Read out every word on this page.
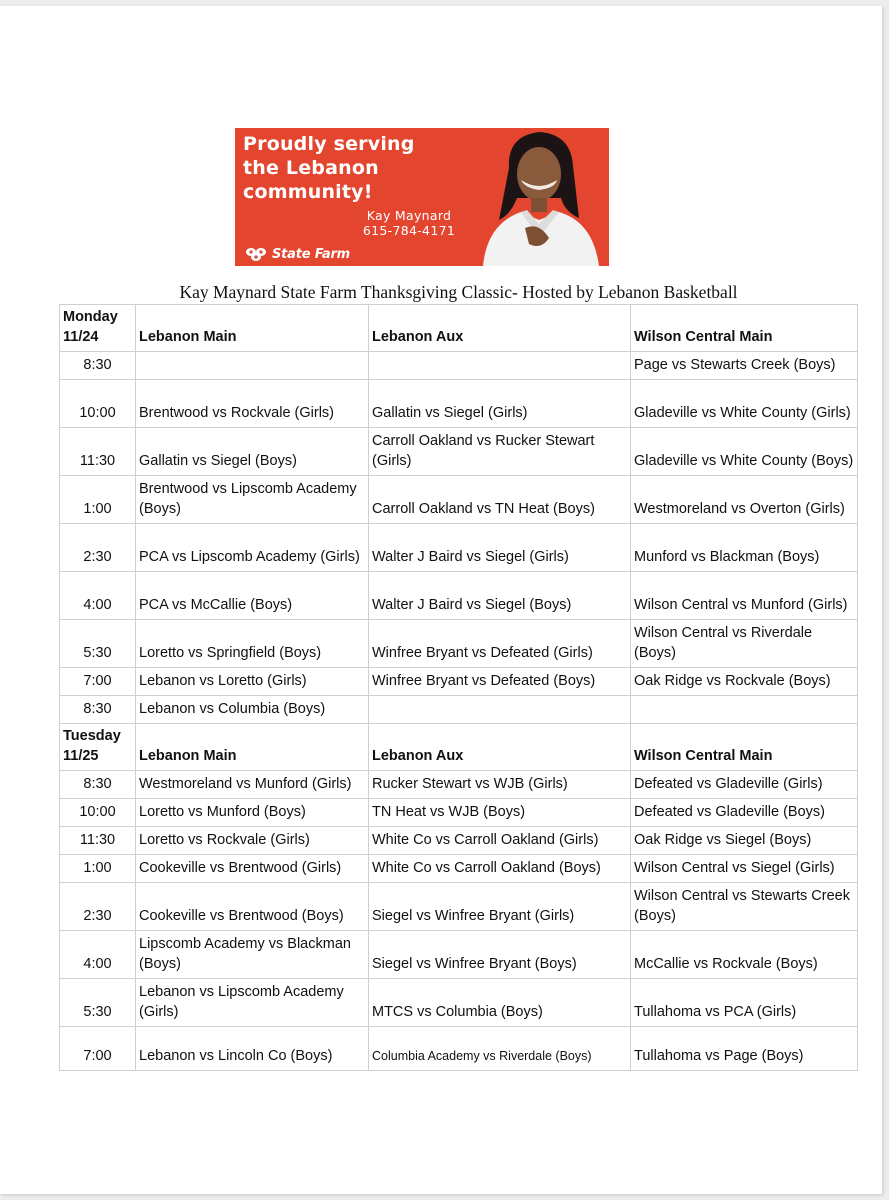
Proudly serving
the Lebanon
community!
Kay Maynard
615-784-4171
State Farm
Kay Maynard State Farm Thanksgiving Classic- Hosted by Lebanon Basketball
Monday
11/24	Lebanon Main	Lebanon Aux	Wilson Central Main
8:30			Page vs Stewarts Creek (Boys)
10:00	Brentwood vs Rockvale (Girls)	Gallatin vs Siegel (Girls)	Gladeville vs White County (Girls)
11:30	Gallatin vs Siegel (Boys)	Carroll Oakland vs Rucker Stewart (Girls)	Gladeville vs White County (Boys)
1:00	Brentwood vs Lipscomb Academy (Boys)	Carroll Oakland vs TN Heat (Boys)	Westmoreland vs Overton (Girls)
2:30	PCA vs Lipscomb Academy (Girls)	Walter J Baird vs Siegel (Girls)	Munford vs Blackman (Boys)
4:00	PCA vs McCallie (Boys)	Walter J Baird vs Siegel (Boys)	Wilson Central vs Munford (Girls)
5:30	Loretto vs Springfield (Boys)	Winfree Bryant vs Defeated (Girls)	Wilson Central vs Riverdale (Boys)
7:00	Lebanon vs Loretto (Girls)	Winfree Bryant vs Defeated (Boys)	Oak Ridge vs Rockvale (Boys)
8:30	Lebanon vs Columbia (Boys)		

Tuesday
11/25	Lebanon Main	Lebanon Aux	Wilson Central Main
8:30	Westmoreland vs Munford (Girls)	Rucker Stewart vs WJB (Girls)	Defeated vs Gladeville (Girls)
10:00	Loretto vs Munford (Boys)	TN Heat vs WJB (Boys)	Defeated vs Gladeville (Boys)
11:30	Loretto vs Rockvale (Girls)	White Co vs Carroll Oakland (Girls)	Oak Ridge vs Siegel (Boys)
1:00	Cookeville vs Brentwood (Girls)	White Co vs Carroll Oakland (Boys)	Wilson Central vs Siegel (Girls)
2:30	Cookeville vs Brentwood (Boys)	Siegel vs Winfree Bryant (Girls)	Wilson Central vs Stewarts Creek (Boys)
4:00	Lipscomb Academy vs Blackman (Boys)	Siegel vs Winfree Bryant (Boys)	McCallie vs Rockvale (Boys)
5:30	Lebanon vs Lipscomb Academy (Girls)	MTCS vs Columbia (Boys)	Tullahoma vs PCA (Girls)
7:00	Lebanon vs Lincoln Co (Boys)	Columbia Academy vs Riverdale (Boys)	Tullahoma vs Page (Boys)
